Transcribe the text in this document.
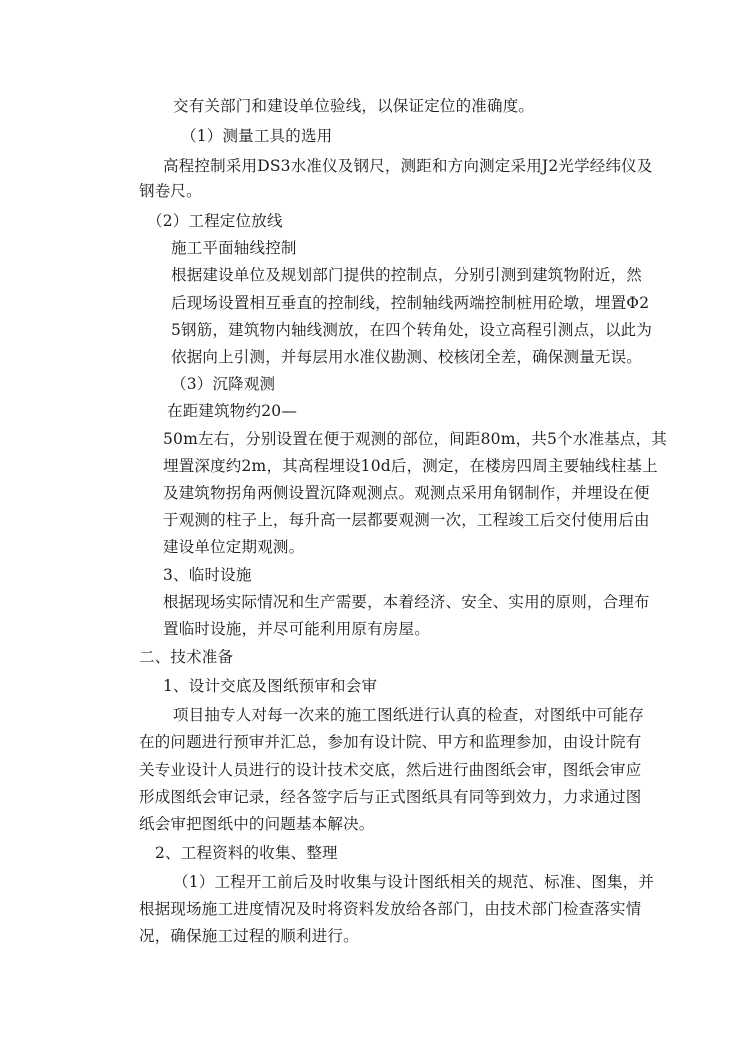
交有关部门和建设单位验线，以保证定位的准确度。
（1）测量工具的选用
高程控制采用DS3水准仪及钢尺，测距和方向测定采用J2光学经纬仪及
钢卷尺。
（2）工程定位放线
施工平面轴线控制
根据建设单位及规划部门提供的控制点，分别引测到建筑物附近，然
后现场设置相互垂直的控制线，控制轴线两端控制桩用砼墩，埋置Φ2
5钢筋，建筑物内轴线测放，在四个转角处，设立高程引测点，以此为
依据向上引测，并每层用水准仪勘测、校核闭全差，确保测量无误。
（3）沉降观测
在距建筑物约20—
50m左右，分别设置在便于观测的部位，间距80m，共5个水准基点，其
埋置深度约2m，其高程埋设10d后，测定，在楼房四周主要轴线柱基上
及建筑物拐角两侧设置沉降观测点。观测点采用角钢制作，并埋设在便
于观测的柱子上，每升高一层都要观测一次，工程竣工后交付使用后由
建设单位定期观测。
3、临时设施
根据现场实际情况和生产需要，本着经济、安全、实用的原则，合理布
置临时设施，并尽可能利用原有房屋。
二、技术准备
1、设计交底及图纸预审和会审
项目抽专人对每一次来的施工图纸进行认真的检查，对图纸中可能存
在的问题进行预审并汇总，参加有设计院、甲方和监理参加，由设计院有
关专业设计人员进行的设计技术交底，然后进行曲图纸会审，图纸会审应
形成图纸会审记录，经各签字后与正式图纸具有同等到效力，力求通过图
纸会审把图纸中的问题基本解决。
2、工程资料的收集、整理
（1）工程开工前后及时收集与设计图纸相关的规范、标准、图集，并
根据现场施工进度情况及时将资料发放给各部门，由技术部门检查落实情
况，确保施工过程的顺利进行。
